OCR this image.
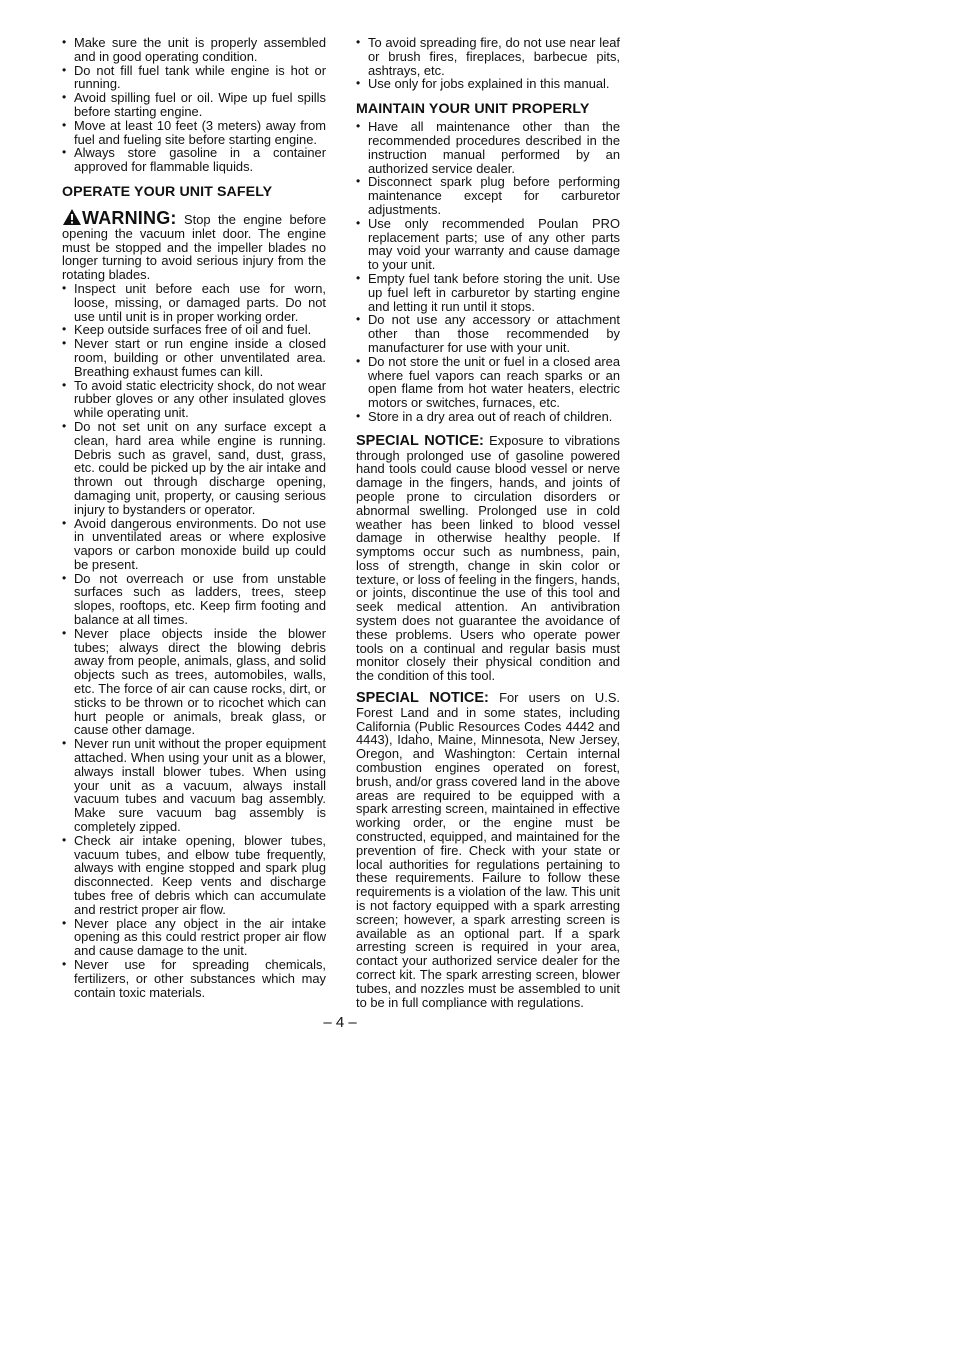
• Make sure the unit is properly assembled and in good operating condition.
• Do not fill fuel tank while engine is hot or running.
• Avoid spilling fuel or oil. Wipe up fuel spills before starting engine.
• Move at least 10 feet (3 meters) away from fuel and fueling site before starting engine.
• Always store gasoline in a container approved for flammable liquids.
OPERATE YOUR UNIT SAFELY

WARNING: Stop the engine before opening the vacuum inlet door. The engine must be stopped and the impeller blades no longer turning to avoid serious injury from the rotating blades.

• Inspect unit before each use for worn, loose, missing, or damaged parts. Do not use until unit is in proper working order.
• Keep outside surfaces free of oil and fuel.
• Never start or run engine inside a closed room, building or other unventilated area. Breathing exhaust fumes can kill.
• To avoid static electricity shock, do not wear rubber gloves or any other insulated gloves while operating unit.
• Do not set unit on any surface except a clean, hard area while engine is running. Debris such as gravel, sand, dust, grass, etc. could be picked up by the air intake and thrown out through discharge opening, damaging unit, property, or causing serious injury to bystanders or operator.
• Avoid dangerous environments. Do not use in unventilated areas or where explosive vapors or carbon monoxide build up could be present.
• Do not overreach or use from unstable surfaces such as ladders, trees, steep slopes, rooftops, etc. Keep firm footing and balance at all times.
• Never place objects inside the blower tubes; always direct the blowing debris away from people, animals, glass, and solid objects such as trees, automobiles, walls, etc. The force of air can cause rocks, dirt, or sticks to be thrown or to ricochet which can hurt people or animals, break glass, or cause other damage.
• Never run unit without the proper equipment attached. When using your unit as a blower, always install blower tubes. When using your unit as a vacuum, always install vacuum tubes and vacuum bag assembly. Make sure vacuum bag assembly is completely zipped.
• Check air intake opening, blower tubes, vacuum tubes, and elbow tube frequently, always with engine stopped and spark plug disconnected. Keep vents and discharge tubes free of debris which can accumulate and restrict proper air flow.
• Never place any object in the air intake opening as this could restrict proper air flow and cause damage to the unit.
• Never use for spreading chemicals, fertilizers, or other substances which may contain toxic materials.
• To avoid spreading fire, do not use near leaf or brush fires, fireplaces, barbecue pits, ashtrays, etc.
• Use only for jobs explained in this manual.
MAINTAIN YOUR UNIT PROPERLY
• Have all maintenance other than the recommended procedures described in the instruction manual performed by an authorized service dealer.
• Disconnect spark plug before performing maintenance except for carburetor adjustments.
• Use only recommended Poulan PRO replacement parts; use of any other parts may void your warranty and cause damage to your unit.
• Empty fuel tank before storing the unit. Use up fuel left in carburetor by starting engine and letting it run until it stops.
• Do not use any accessory or attachment other than those recommended by manufacturer for use with your unit.
• Do not store the unit or fuel in a closed area where fuel vapors can reach sparks or an open flame from hot water heaters, electric motors or switches, furnaces, etc.
• Store in a dry area out of reach of children.

SPECIAL NOTICE: Exposure to vibrations through prolonged use of gasoline powered hand tools could cause blood vessel or nerve damage in the fingers, hands, and joints of people prone to circulation disorders or abnormal swelling. Prolonged use in cold weather has been linked to blood vessel damage in otherwise healthy people. If symptoms occur such as numbness, pain, loss of strength, change in skin color or texture, or loss of feeling in the fingers, hands, or joints, discontinue the use of this tool and seek medical attention. An antivibration system does not guarantee the avoidance of these problems. Users who operate power tools on a continual and regular basis must monitor closely their physical condition and the condition of this tool.

SPECIAL NOTICE: For users on U.S. Forest Land and in some states, including California (Public Resources Codes 4442 and 4443), Idaho, Maine, Minnesota, New Jersey, Oregon, and Washington: Certain internal combustion engines operated on forest, brush, and/or grass covered land in the above areas are required to be equipped with a spark arresting screen, maintained in effective working order, or the engine must be constructed, equipped, and maintained for the prevention of fire. Check with your state or local authorities for regulations pertaining to these requirements. Failure to follow these requirements is a violation of the law. This unit is not factory equipped with a spark arresting screen; however, a spark arresting screen is available as an optional part. If a spark arresting screen is required in your area, contact your authorized service dealer for the correct kit. The spark arresting screen, blower tubes, and nozzles must be assembled to unit to be in full compliance with regulations.

– 4 –
